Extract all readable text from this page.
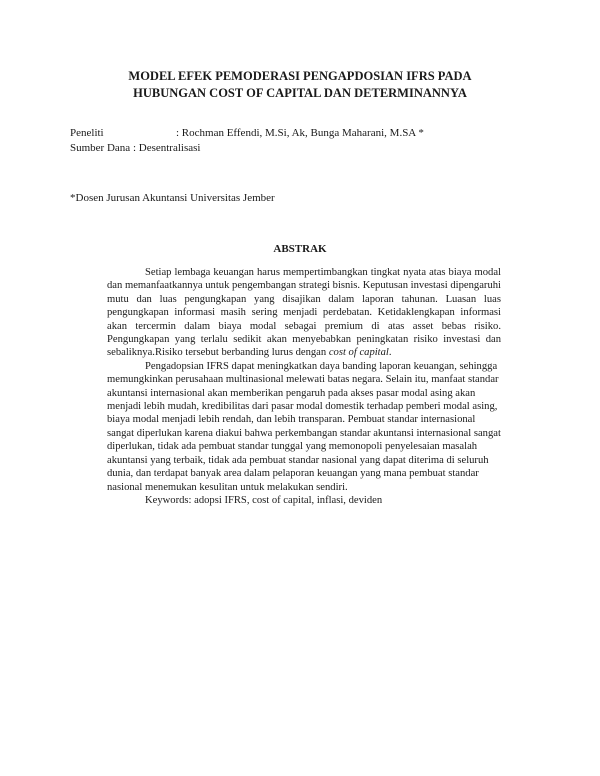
MODEL EFEK PEMODERASI PENGAPDOSIAN IFRS PADA
HUBUNGAN COST OF CAPITAL DAN DETERMINANNYA
Peneliti	: Rochman Effendi, M.Si, Ak, Bunga Maharani, M.SA *
Sumber Dana : Desentralisasi
*Dosen Jurusan Akuntansi Universitas Jember
ABSTRAK

Setiap lembaga keuangan harus mempertimbangkan tingkat nyata atas biaya modal dan memanfaatkannya untuk pengembangan strategi bisnis. Keputusan investasi dipengaruhi mutu dan luas pengungkapan yang disajikan dalam laporan tahunan. Luasan luas pengungkapan informasi masih sering menjadi perdebatan. Ketidaklengkapan informasi akan tercermin dalam biaya modal sebagai premium di atas asset bebas risiko. Pengungkapan yang terlalu sedikit akan menyebabkan peningkatan risiko investasi dan sebaliknya.Risiko tersebut berbanding lurus dengan cost of capital.

Pengadopsian IFRS dapat meningkatkan daya banding laporan keuangan, sehingga memungkinkan perusahaan multinasional melewati batas negara. Selain itu, manfaat standar akuntansi internasional akan memberikan pengaruh pada akses pasar modal asing akan menjadi lebih mudah, kredibilitas dari pasar modal domestik terhadap pemberi modal asing, biaya modal menjadi lebih rendah, dan lebih transparan. Pembuat standar internasional sangat diperlukan karena diakui bahwa perkembangan standar akuntansi internasional sangat diperlukan, tidak ada pembuat standar tunggal yang memonopoli penyelesaian masalah akuntansi yang terbaik, tidak ada pembuat standar nasional yang dapat diterima di seluruh dunia, dan terdapat banyak area dalam pelaporan keuangan yang mana pembuat standar nasional menemukan kesulitan untuk melakukan sendiri.

Keywords: adopsi IFRS, cost of capital, inflasi, deviden
